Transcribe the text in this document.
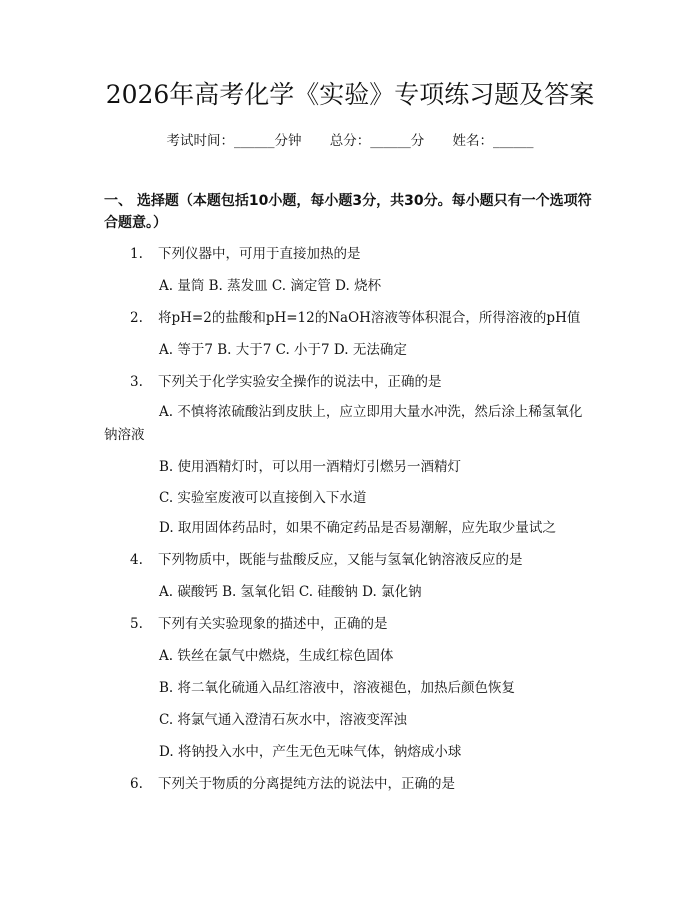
2026年高考化学《实验》专项练习题及答案
考试时间：______分钟 总分：______分 姓名：______
一、 选择题（本题包括10小题，每小题3分，共30分。每小题只有一个选项符合题意。）
1. 下列仪器中，可用于直接加热的是
A. 量筒 B. 蒸发皿 C. 滴定管 D. 烧杯
2. 将pH=2的盐酸和pH=12的NaOH溶液等体积混合，所得溶液的pH值
A. 等于7 B. 大于7 C. 小于7 D. 无法确定
3. 下列关于化学实验安全操作的说法中，正确的是
A. 不慎将浓硫酸沾到皮肤上，应立即用大量水冲洗，然后涂上稀氢氧化
钠溶液
B. 使用酒精灯时，可以用一酒精灯引燃另一酒精灯
C. 实验室废液可以直接倒入下水道
D. 取用固体药品时，如果不确定药品是否易潮解，应先取少量试之
4. 下列物质中，既能与盐酸反应，又能与氢氧化钠溶液反应的是
A. 碳酸钙 B. 氢氧化铝 C. 硅酸钠 D. 氯化钠
5. 下列有关实验现象的描述中，正确的是
A. 铁丝在氯气中燃烧，生成红棕色固体
B. 将二氧化硫通入品红溶液中，溶液褪色，加热后颜色恢复
C. 将氯气通入澄清石灰水中，溶液变浑浊
D. 将钠投入水中，产生无色无味气体，钠熔成小球
6. 下列关于物质的分离提纯方法的说法中，正确的是
